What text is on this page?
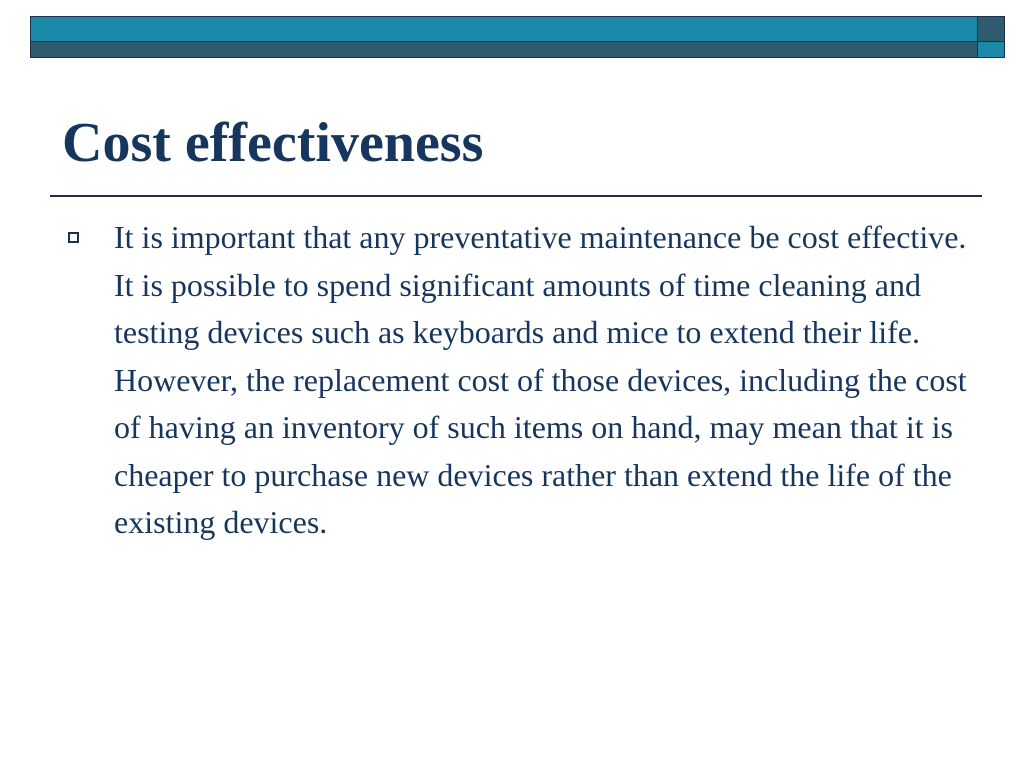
Cost effectiveness
It is important that any preventative maintenance be cost effective. It is possible to spend significant amounts of time cleaning and testing devices such as keyboards and mice to extend their life. However, the replacement cost of those devices, including the cost of having an inventory of such items on hand, may mean that it is cheaper to purchase new devices rather than extend the life of the existing devices.
